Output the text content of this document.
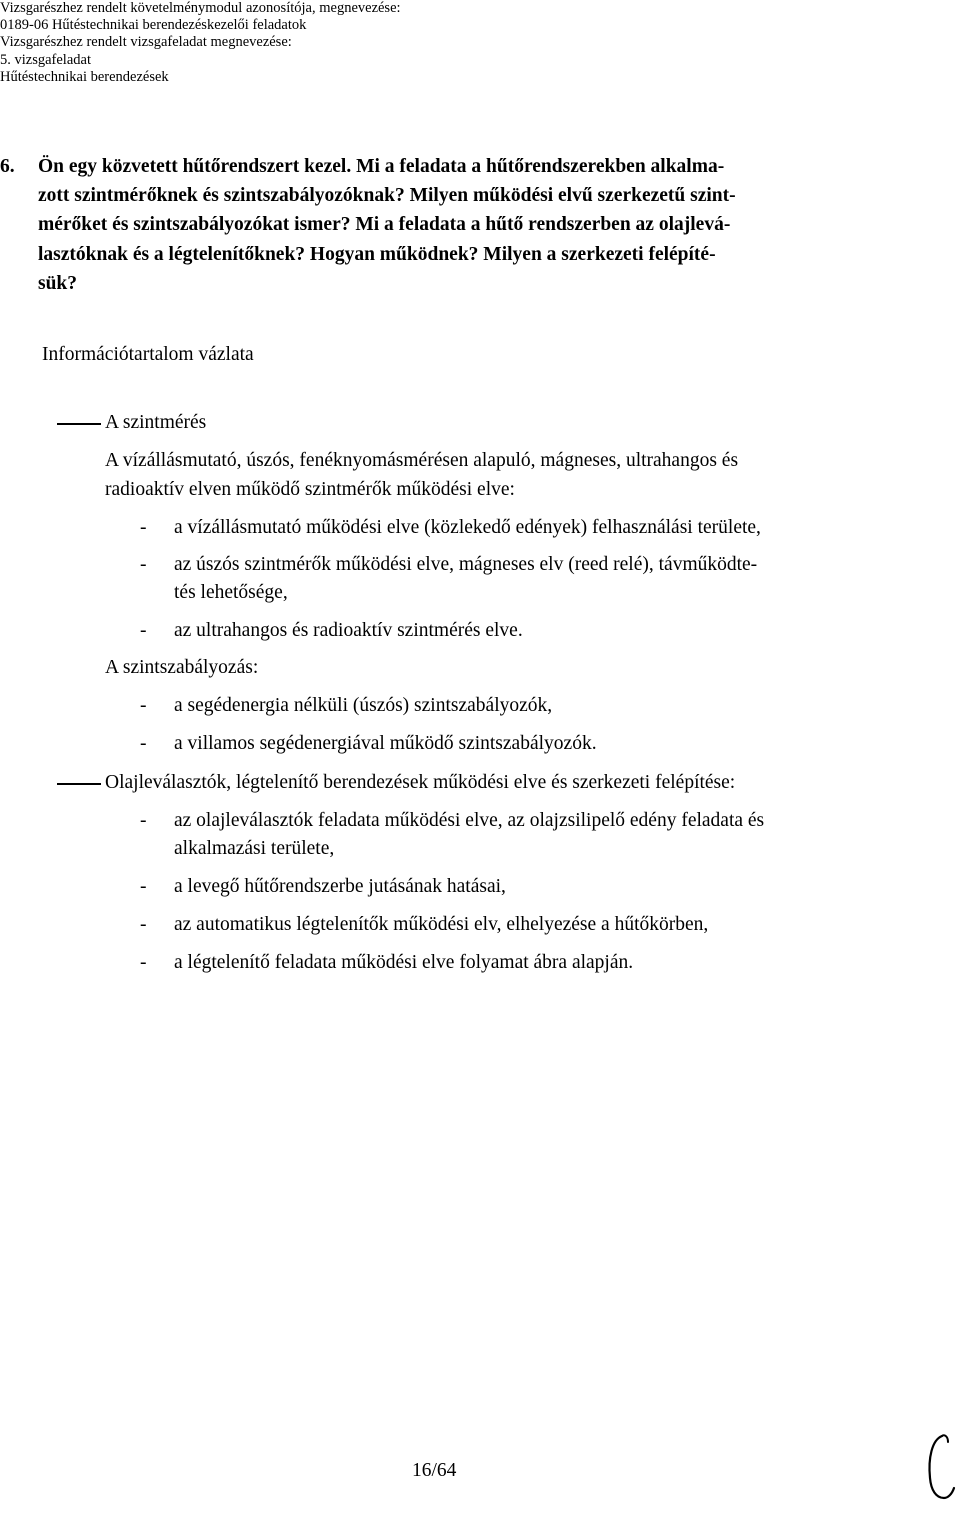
Vizsgarészhez rendelt követelménymodul azonosítója, megnevezése:
0189-06 Hűtéstechnikai berendezéskezelői feladatok
Vizsgarészhez rendelt vizsgafeladat megnevezése:
5. vizsgafeladat
Hűtéstechnikai berendezések
6. Ön egy közvetett hűtőrendszert kezel. Mi a feladata a hűtőrendszerekben alkalma-
zott szintmérőknek és szintszabályozóknak? Milyen működési elvű szerkezetű szint-
mérőket és szintszabályozókat ismer? Mi a feladata a hűtő rendszerben az olajlevá-
lasztóknak és a légtelenítőknek? Hogyan működnek? Milyen a szerkezeti felépíté-
sük?
Információtartalom vázlata
A szintmérés
A vízállásmutató, úszós, fenéknyomásmérésen alapuló, mágneses, ultrahangos és
radioaktív elven működő szintmérők működési elve:
- a vízállásmutató működési elve (közlekedő edények) felhasználási területe,
- az úszós szintmérők működési elve, mágneses elv (reed relé), távműködte-
tés lehetősége,
- az ultrahangos és radioaktív szintmérés elve.
A szintszabályozás:
- a segédenergia nélküli (úszós) szintszabályozók,
- a villamos segédenergiával működő szintszabályozók.
Olajleválasztók, légtelenítő berendezések működési elve és szerkezeti felépítése:
- az olajleválasztók feladata működési elve, az olajzsilipelő edény feladata és
alkalmazási területe,
- a levegő hűtőrendszerbe jutásának hatásai,
- az automatikus légtelenítők működési elv, elhelyezése a hűtőkörben,
- a légtelenítő feladata működési elve folyamat ábra alapján.
16/64
